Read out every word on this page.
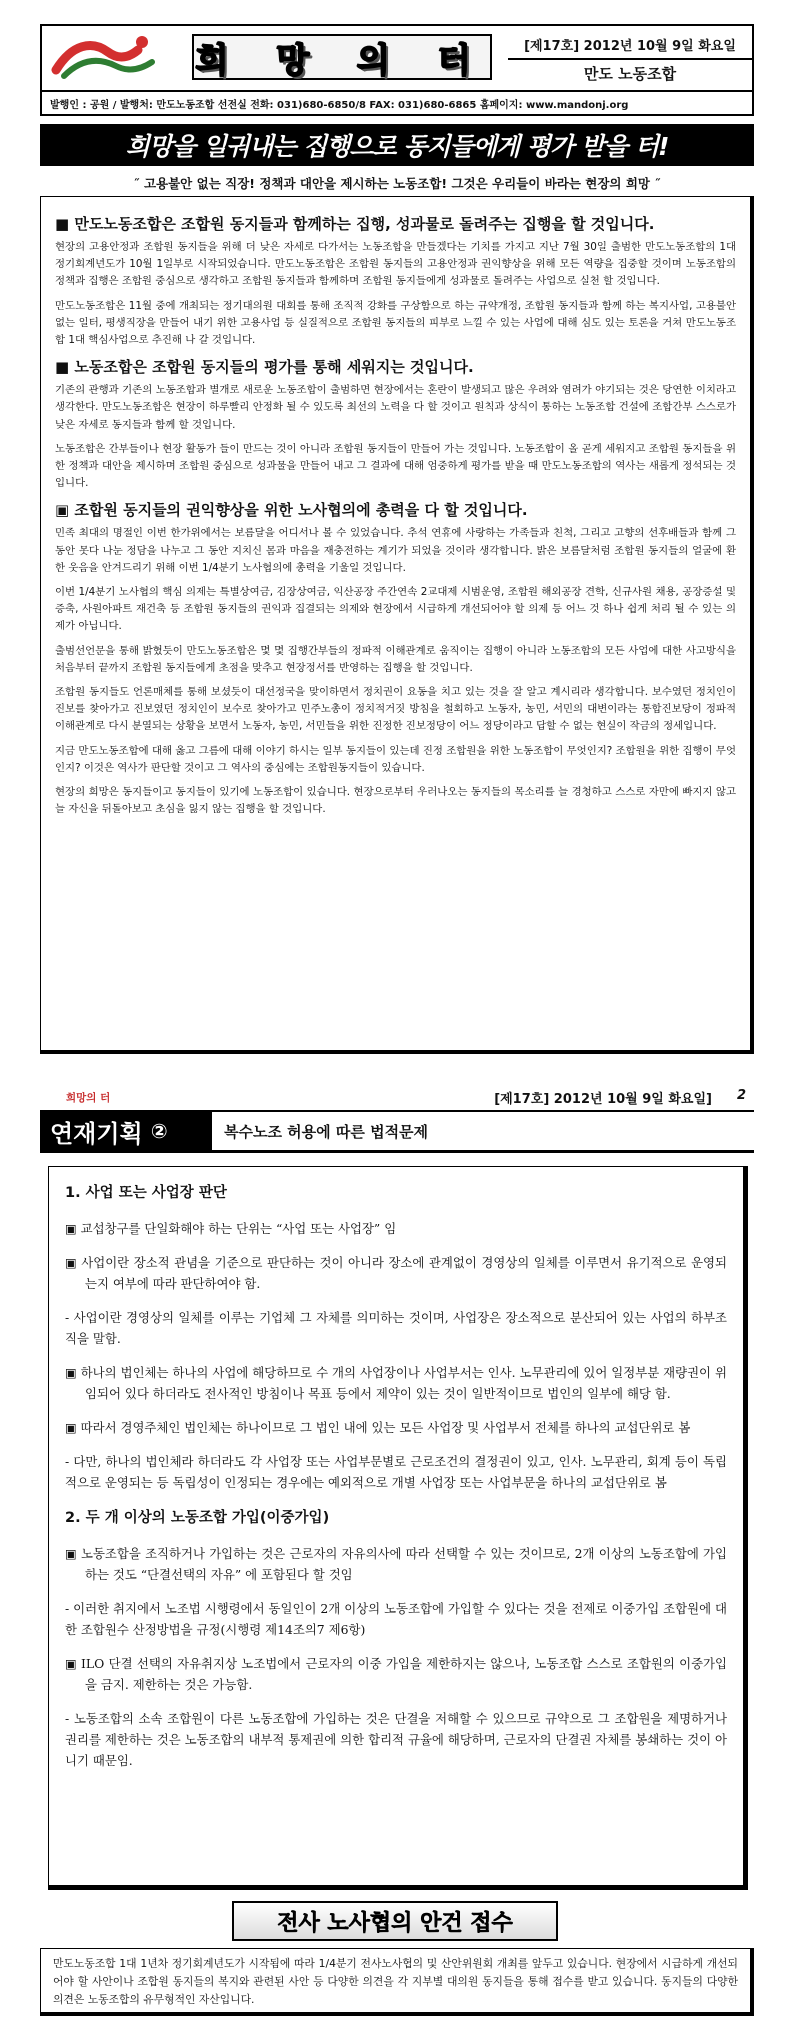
희 망 의 터	[제17호] 2012년 10월 9일 화요일
만도 노동조합
발행인 : 공원 / 발행처: 만도노동조합 선전실 전화: 031)680-6850/8 FAX: 031)680-6865 홈페이지: www.mandonj.org
희망을 일궈내는 집행으로 동지들에게 평가 받을 터!
˝ 고용불안 없는 직장! 정책과 대안을 제시하는 노동조합! 그것은 우리들이 바라는 현장의 희망 ˝
■ 만도노동조합은 조합원 동지들과 함께하는 집행, 성과물로 돌려주는 집행을 할 것입니다.

현장의 고용안정과 조합원 동지들을 위해 더 낮은 자세로 다가서는 노동조합을 만들겠다는 기치를 가지고 지난 7월 30일 출범한 만도노동조합의 1대 정기회계년도가 10월 1일부로 시작되었습니다. 만도노동조합은 조합원 동지들의 고용안정과 권익향상을 위해 모든 역량을 집중할 것이며 노동조합의 정책과 집행은 조합원 중심으로 생각하고 조합원 동지들과 함께하며 조합원 동지들에게 성과물로 돌려주는 사업으로 실천 할 것입니다.

만도노동조합은 11월 중에 개최되는 정기대의원 대회를 통해 조직적 강화를 구상함으로 하는 규약개정, 조합원 동지들과 함께 하는 복지사업, 고용불안 없는 일터, 평생직장을 만들어 내기 위한 고용사업 등 실질적으로 조합원 동지들의 피부로 느낄 수 있는 사업에 대해 심도 있는 토론을 거쳐 만도노동조합 1대 핵심사업으로 추진해 나 갈 것입니다.

■ 노동조합은 조합원 동지들의 평가를 통해 세워지는 것입니다.

기존의 관행과 기존의 노동조합과 별개로 새로운 노동조합이 출범하면 현장에서는 혼란이 발생되고 많은 우려와 염려가 야기되는 것은 당연한 이치라고 생각한다. 만도노동조합은 현장이 하루빨리 안정화 될 수 있도록 최선의 노력을 다 할 것이고 원칙과 상식이 통하는 노동조합 건설에 조합간부 스스로가 낮은 자세로 동지들과 함께 할 것입니다.

노동조합은 간부들이나 현장 활동가 들이 만드는 것이 아니라 조합원 동지들이 만들어 가는 것입니다. 노동조합이 올 곧게 세워지고 조합원 동지들을 위한 정책과 대안을 제시하며 조합원 중심으로 성과물을 만들어 내고 그 결과에 대해 엄중하게 평가를 받을 때 만도노동조합의 역사는 새롭게 정석되는 것입니다.

▣ 조합원 동지들의 권익향상을 위한 노사협의에 총력을 다 할 것입니다.

민족 최대의 명절인 이번 한가위에서는 보름달을 어디서나 볼 수 있었습니다. 추석 연휴에 사랑하는 가족들과 친척, 그리고 고향의 선후배들과 함께 그 동안 못다 나눈 정담을 나누고 그 동안 지치신 몸과 마음을 재충전하는 계기가 되었을 것이라 생각합니다. 밝은 보름달처럼 조합원 동지들의 얼굴에 환 한 웃음을 안겨드리기 위해 이번 1/4분기 노사협의에 총력을 기울일 것입니다.

이번 1/4분기 노사협의 핵심 의제는 특별상여금, 김장상여금, 익산공장 주간연속 2교대제 시범운영, 조합원 해외공장 견학, 신규사원 채용, 공장증설 및 증축, 사원아파트 재건축 등 조합원 동지들의 권익과 집결되는 의제와 현장에서 시급하게 개선되어야 할 의제 등 어느 것 하나 쉽게 처리 될 수 있는 의제가 아닙니다.

출범선언문을 통해 밝혔듯이 만도노동조합은 몇 몇 집행간부들의 정파적 이해관계로 움직이는 집행이 아니라 노동조합의 모든 사업에 대한 사고방식을 처음부터 끝까지 조합원 동지들에게 초점을 맞추고 현장정서를 반영하는 집행을 할 것입니다.

조합원 동지들도 언론매체를 통해 보셨듯이 대선정국을 맞이하면서 정치권이 요동을 치고 있는 것을 잘 알고 계시리라 생각합니다. 보수였던 정치인이 진보를 찾아가고 진보였던 정치인이 보수로 찾아가고 민주노총이 정치적거짓 방침을 철회하고 노동자, 농민, 서민의 대변이라는 통합진보당이 정파적 이해관계로 다시 분열되는 상황을 보면서 노동자, 농민, 서민들을 위한 진정한 진보정당이 어느 정당이라고 답할 수 없는 현실이 작금의 정세입니다.

지금 만도노동조합에 대해 옳고 그름에 대해 이야기 하시는 일부 동지들이 있는데 진정 조합원을 위한 노동조합이 무엇인지? 조합원을 위한 집행이 무엇인지? 이것은 역사가 판단할 것이고 그 역사의 중심에는 조합원동지들이 있습니다.

현장의 희망은 동지들이고 동지들이 있기에 노동조합이 있습니다. 현장으로부터 우러나오는 동지들의 목소리를 늘 경청하고 스스로 자만에 빠지지 않고 늘 자신을 뒤돌아보고 초심을 잃지 않는 집행을 할 것입니다.

희망의 터	[제17호] 2012년 10월 9일 화요일] 2
연재기획 ②	복수노조 허용에 따른 법적문제
1. 사업 또는 사업장 판단

▣ 교섭창구를 단일화해야 하는 단위는 “사업 또는 사업장” 임

▣ 사업이란 장소적 관념을 기준으로 판단하는 것이 아니라 장소에 관계없이 경영상의 일체를 이루면서 유기적으로 운영되는지 여부에 따라 판단하여야 함.

- 사업이란 경영상의 일체를 이루는 기업체 그 자체를 의미하는 것이며, 사업장은 장소적으로 분산되어 있는 사업의 하부조직을 말함.

▣ 하나의 법인체는 하나의 사업에 해당하므로 수 개의 사업장이나 사업부서는 인사. 노무관리에 있어 일정부분 재량권이 위임되어 있다 하더라도 전사적인 방침이나 목표 등에서 제약이 있는 것이 일반적이므로 법인의 일부에 해당 함.

▣ 따라서 경영주체인 법인체는 하나이므로 그 법인 내에 있는 모든 사업장 및 사업부서 전체를 하나의 교섭단위로 봄

- 다만, 하나의 법인체라 하더라도 각 사업장 또는 사업부문별로 근로조건의 결정권이 있고, 인사. 노무관리, 회계 등이 독립적으로 운영되는 등 독립성이 인정되는 경우에는 예외적으로 개별 사업장 또는 사업부문을 하나의 교섭단위로 봄

2. 두 개 이상의 노동조합 가입(이중가입)

▣ 노동조합을 조직하거나 가입하는 것은 근로자의 자유의사에 따라 선택할 수 있는 것이므로, 2개 이상의 노동조합에 가입하는 것도 “단결선택의 자유” 에 포함된다 할 것임

- 이러한 취지에서 노조법 시행령에서 동일인이 2개 이상의 노동조합에 가입할 수 있다는 것을 전제로 이중가입 조합원에 대한 조합원수 산정방법을 규정(시행령 제14조의7 제6항)

▣ ILO 단결 선택의 자유취지상 노조법에서 근로자의 이중 가입을 제한하지는 않으나, 노동조합 스스로 조합원의 이중가입을 금지. 제한하는 것은 가능함.

- 노동조합의 소속 조합원이 다른 노동조합에 가입하는 것은 단결을 저해할 수 있으므로 규약으로 그 조합원을 제명하거나 권리를 제한하는 것은 노동조합의 내부적 통제권에 의한 합리적 규율에 해당하며, 근로자의 단결권 자체를 봉쇄하는 것이 아니기 때문임.

전사 노사협의 안건 접수
만도노동조합 1대 1년차 정기회계년도가 시작됨에 따라 1/4분기 전사노사협의 및 산안위원회 개최를 앞두고 있습니다. 현장에서 시급하게 개선되어야 할 사안이나 조합원 동지들의 복지와 관련된 사안 등 다양한 의견을 각 지부별 대의원 동지들을 통해 접수를 받고 있습니다. 동지들의 다양한 의견은 노동조합의 유무형적인 자산입니다.
